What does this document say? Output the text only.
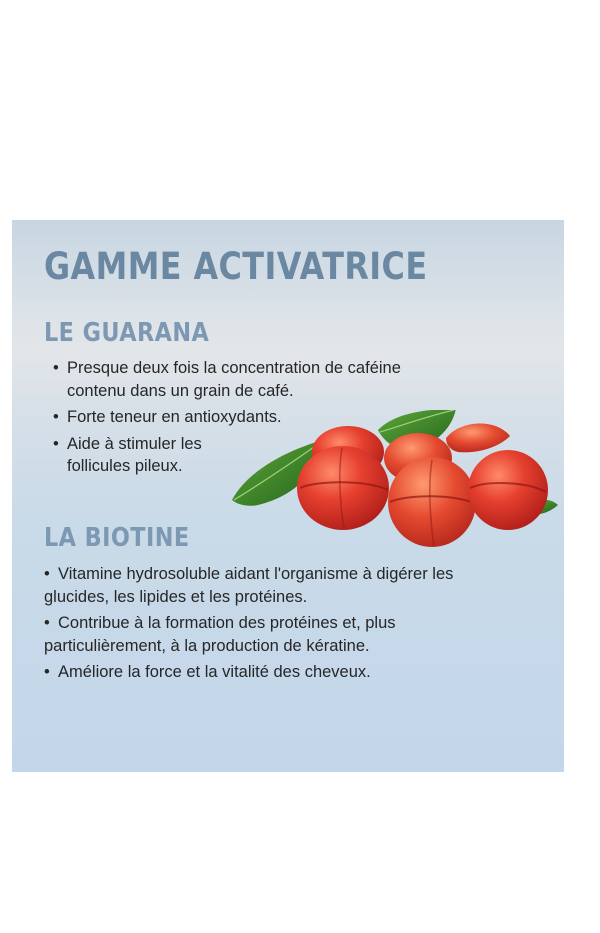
GAMME ACTIVATRICE
LE GUARANA
• Presque deux fois la concentration de caféine contenu dans un grain de café.
• Forte teneur en antioxydants.
• Aide à stimuler les follicules pileux.
LA BIOTINE
• Vitamine hydrosoluble aidant l'organisme à digérer les glucides, les lipides et les protéines.
• Contribue à la formation des protéines et, plus particulièrement, à la production de kératine.
• Améliore la force et la vitalité des cheveux.
